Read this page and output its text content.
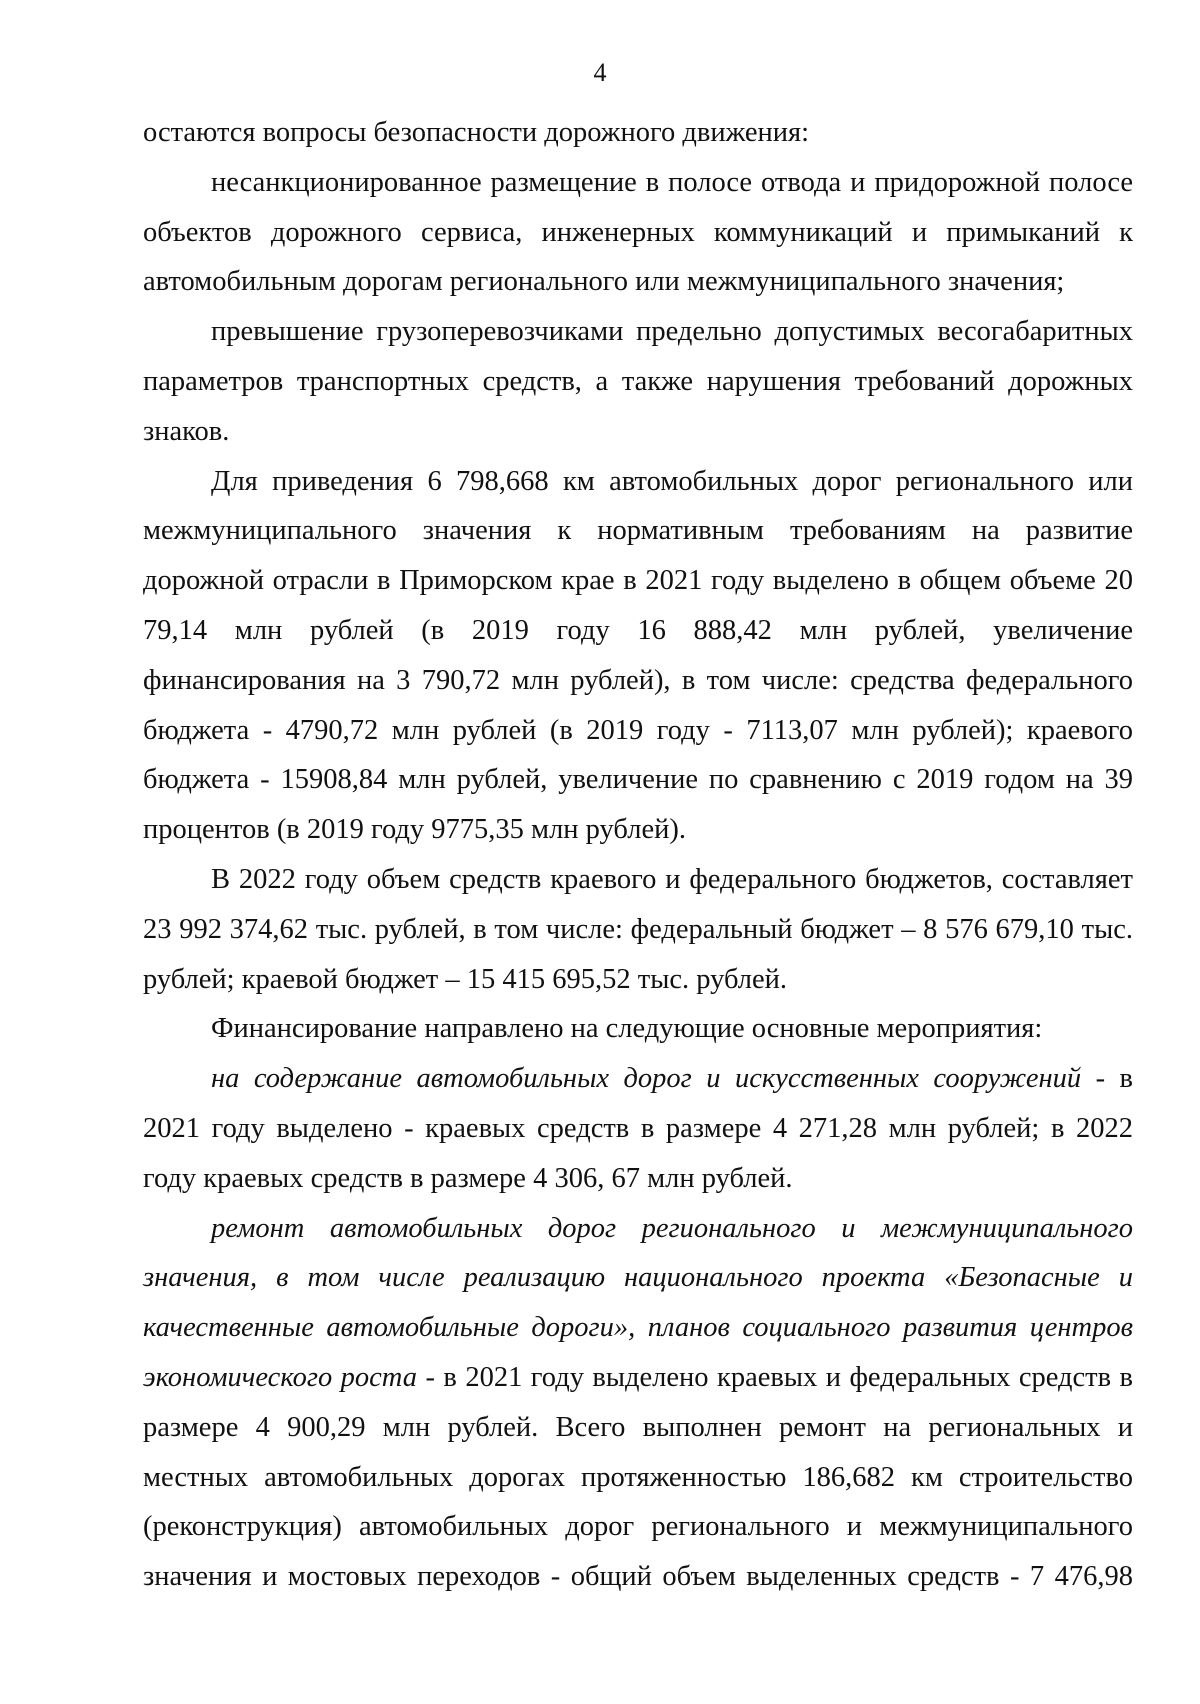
4

остаются вопросы безопасности дорожного движения:

несанкционированное размещение в полосе отвода и придорожной полосе объектов дорожного сервиса, инженерных коммуникаций и примыканий к автомобильным дорогам регионального или межмуниципального значения;

превышение грузоперевозчиками предельно допустимых весогабаритных параметров транспортных средств, а также нарушения требований дорожных знаков.

Для приведения 6 798,668 км автомобильных дорог регионального или межмуниципального значения к нормативным требованиям на развитие дорожной отрасли в Приморском крае в 2021 году выделено в общем объеме 20 79,14 млн рублей (в 2019 году 16 888,42 млн рублей, увеличение финансирования на 3 790,72 млн рублей), в том числе: средства федерального бюджета - 4790,72 млн рублей (в 2019 году - 7113,07 млн рублей); краевого бюджета - 15908,84 млн рублей, увеличение по сравнению с 2019 годом на 39 процентов (в 2019 году 9775,35 млн рублей).

В 2022 году объем средств краевого и федерального бюджетов, составляет 23 992 374,62 тыс. рублей, в том числе: федеральный бюджет – 8 576 679,10 тыс. рублей; краевой бюджет – 15 415 695,52 тыс. рублей.

Финансирование направлено на следующие основные мероприятия:

на содержание автомобильных дорог и искусственных сооружений - в 2021 году выделено - краевых средств в размере 4 271,28 млн рублей; в 2022 году краевых средств в размере 4 306, 67 млн рублей.

ремонт автомобильных дорог регионального и межмуниципального значения, в том числе реализацию национального проекта «Безопасные и качественные автомобильные дороги», планов социального развития центров экономического роста - в 2021 году выделено краевых и федеральных средств в размере 4 900,29 млн рублей. Всего выполнен ремонт на региональных и местных автомобильных дорогах протяженностью 186,682 км строительство (реконструкция) автомобильных дорог регионального и межмуниципального значения и мостовых переходов - общий объем выделенных средств - 7 476,98
